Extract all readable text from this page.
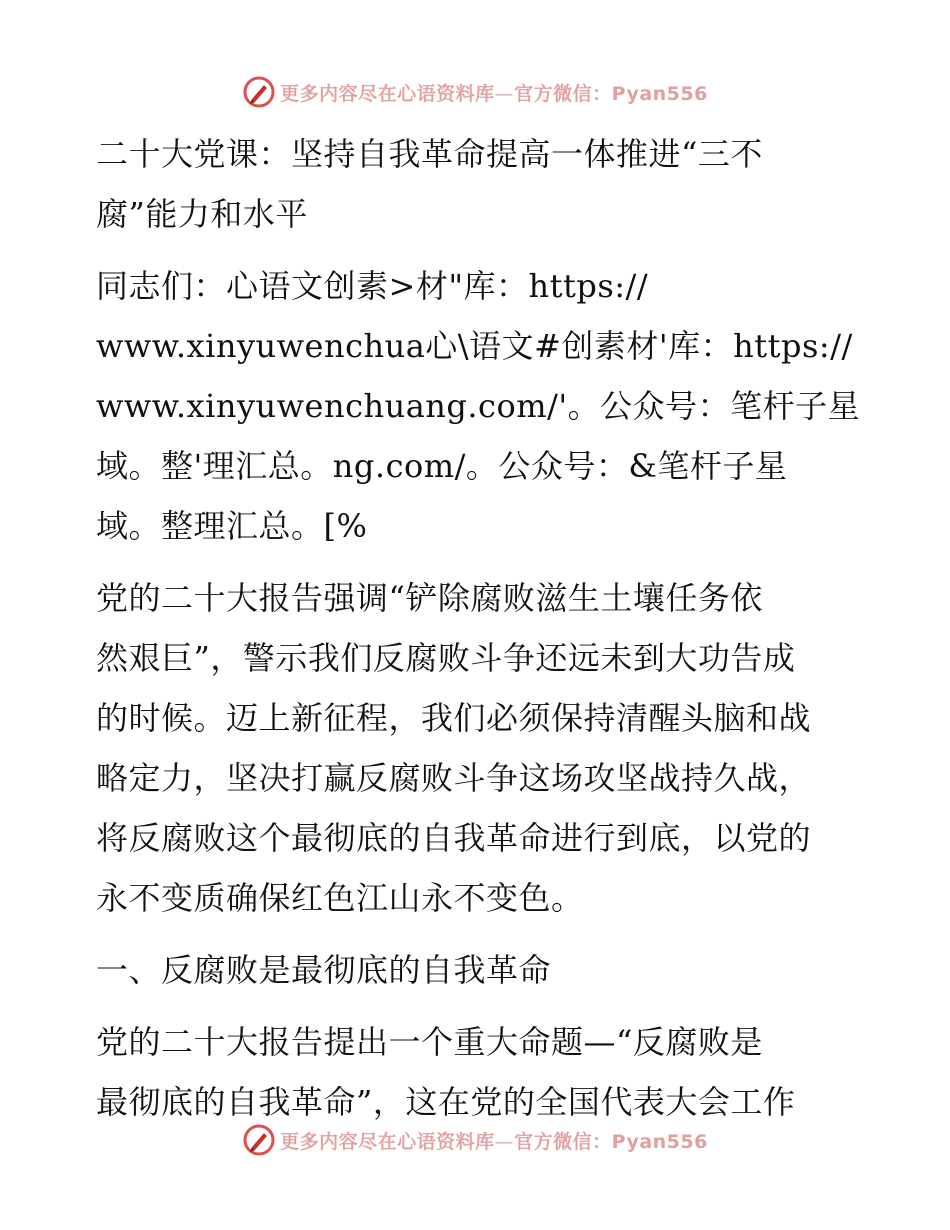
更多内容尽在心语资料库—官方微信：Pyan556
二十大党课：坚持自我革命提高一体推进“三不
腐”能力和水平
同志们：心语文创素>材"库：https://
www.xinyuwenchua心\语文#创素材'库：https://
www.xinyuwenchuang.com/'。公众号：笔杆子星
域。整'理汇总。ng.com/。公众号：&笔杆子星
域。整理汇总。[%
党的二十大报告强调“铲除腐败滋生土壤任务依
然艰巨”，警示我们反腐败斗争还远未到大功告成
的时候。迈上新征程，我们必须保持清醒头脑和战
略定力，坚决打赢反腐败斗争这场攻坚战持久战，
将反腐败这个最彻底的自我革命进行到底，以党的
永不变质确保红色江山永不变色。
一、反腐败是最彻底的自我革命
党的二十大报告提出一个重大命题—“反腐败是
最彻底的自我革命”，这在党的全国代表大会工作
更多内容尽在心语资料库—官方微信：Pyan556
